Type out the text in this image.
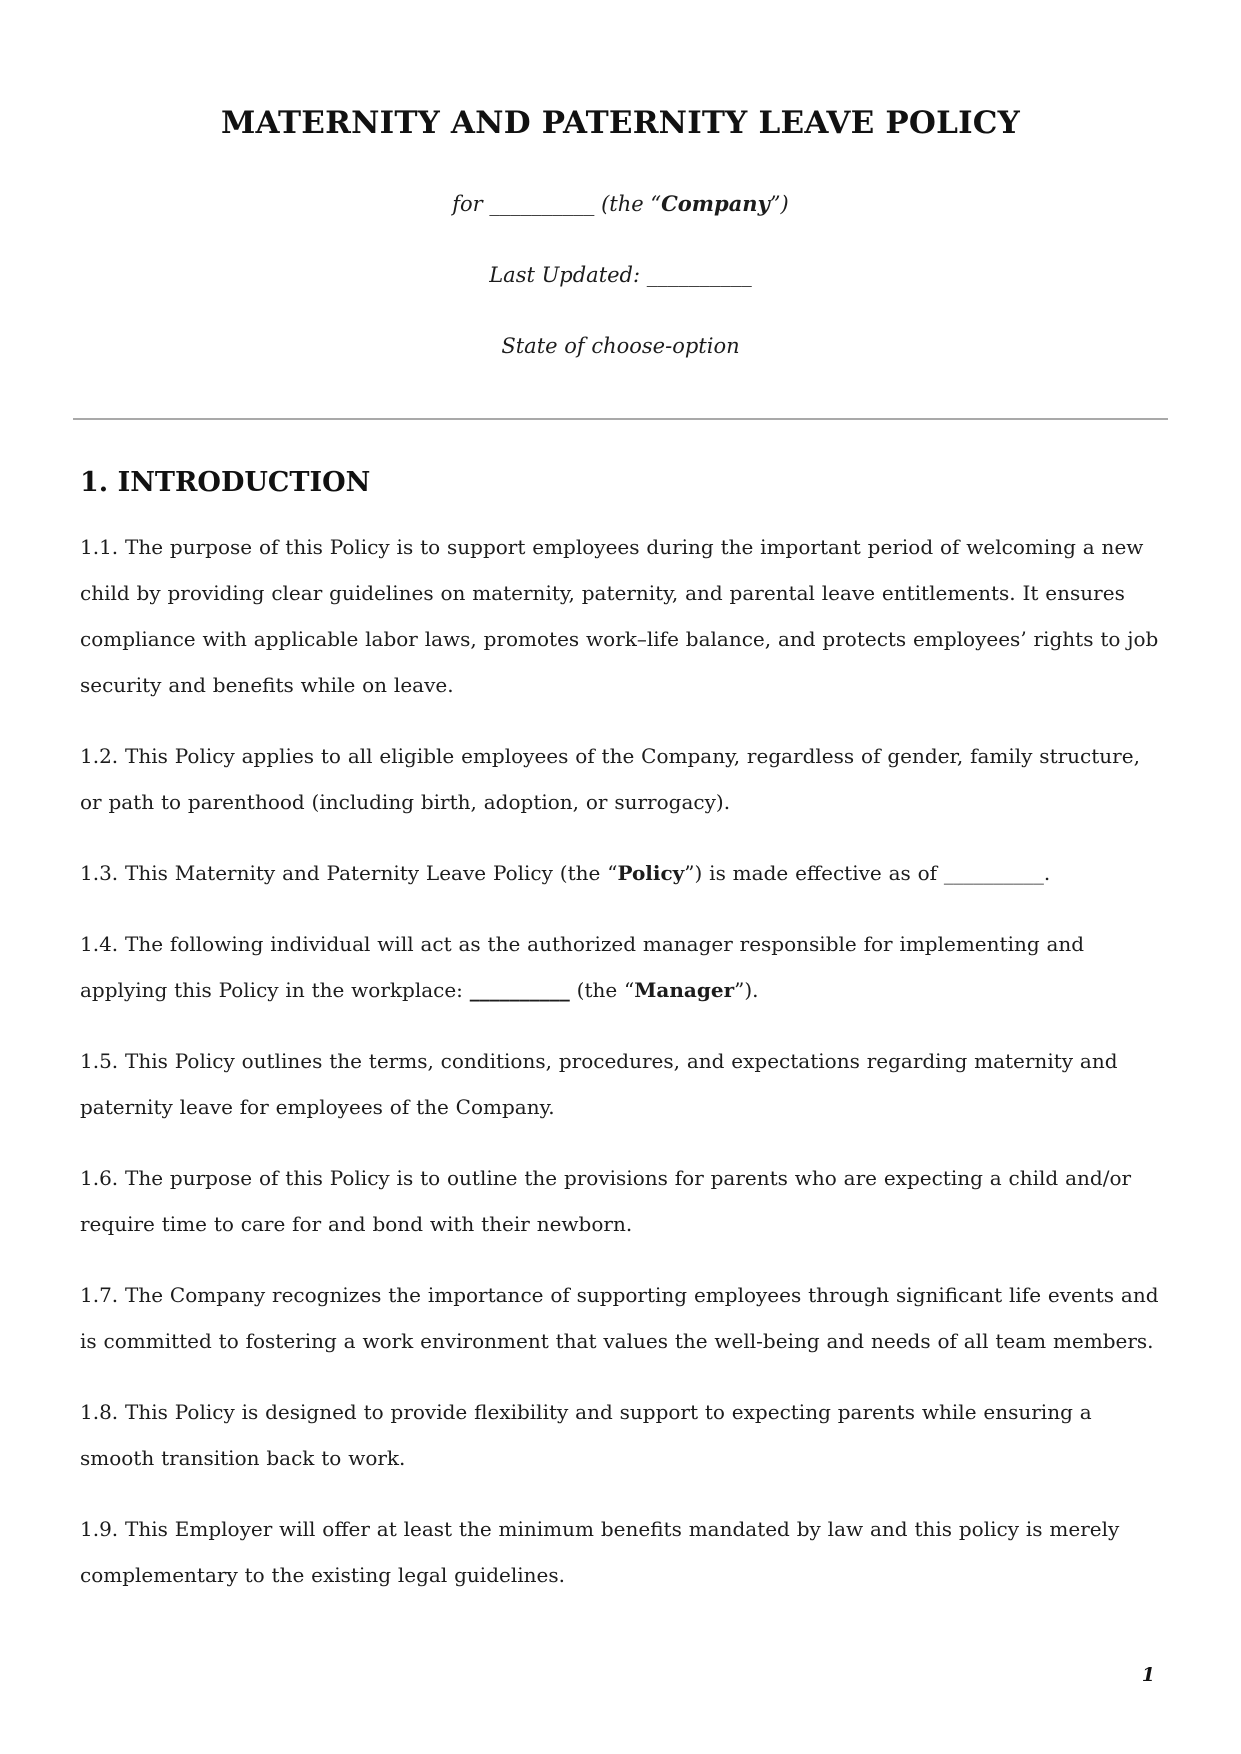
MATERNITY AND PATERNITY LEAVE POLICY

for __________ (the “Company”)

Last Updated: __________

State of choose-option

1. INTRODUCTION

1.1. The purpose of this Policy is to support employees during the important period of welcoming a new child by providing clear guidelines on maternity, paternity, and parental leave entitlements. It ensures compliance with applicable labor laws, promotes work–life balance, and protects employees’ rights to job security and benefits while on leave.

1.2. This Policy applies to all eligible employees of the Company, regardless of gender, family structure, or path to parenthood (including birth, adoption, or surrogacy).

1.3. This Maternity and Paternity Leave Policy (the “Policy”) is made effective as of __________.

1.4. The following individual will act as the authorized manager responsible for implementing and applying this Policy in the workplace: __________ (the “Manager”).

1.5. This Policy outlines the terms, conditions, procedures, and expectations regarding maternity and paternity leave for employees of the Company.

1.6. The purpose of this Policy is to outline the provisions for parents who are expecting a child and/or require time to care for and bond with their newborn.

1.7. The Company recognizes the importance of supporting employees through significant life events and is committed to fostering a work environment that values the well-being and needs of all team members.

1.8. This Policy is designed to provide flexibility and support to expecting parents while ensuring a smooth transition back to work.

1.9. This Employer will offer at least the minimum benefits mandated by law and this policy is merely complementary to the existing legal guidelines.

1
